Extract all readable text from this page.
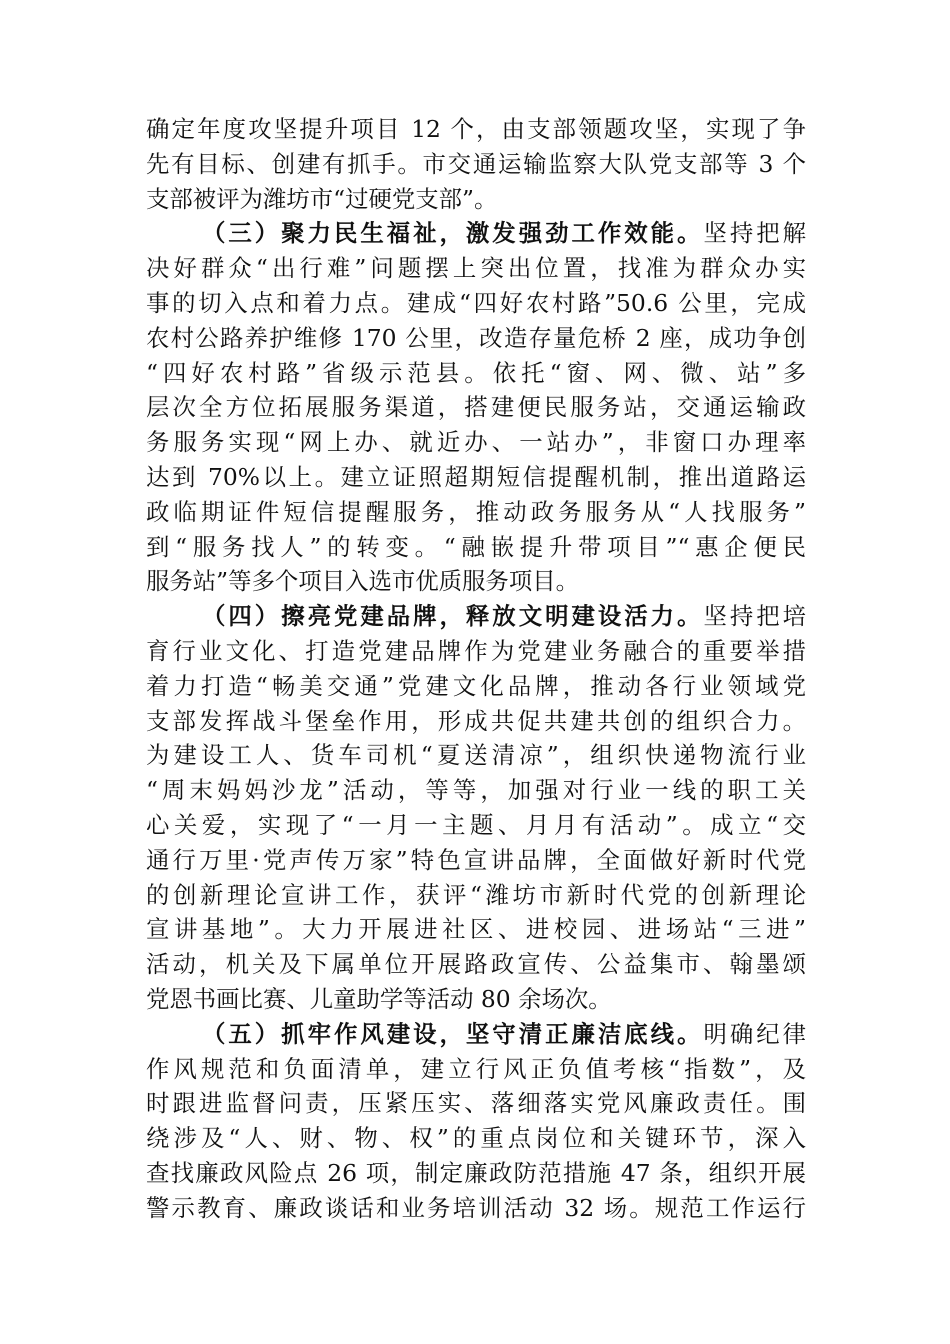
确定年度攻坚提升项目 12 个，由支部领题攻坚，实现了争
先有目标、创建有抓手。市交通运输监察大队党支部等 3 个
支部被评为潍坊市“过硬党支部”。
（三）聚力民生福祉，激发强劲工作效能。坚持把解
决好群众“出行难”问题摆上突出位置，找准为群众办实
事的切入点和着力点。建成“四好农村路”50.6 公里，完成
农村公路养护维修 170 公里，改造存量危桥 2 座，成功争创
“四好农村路”省级示范县。依托“窗、网、微、站”多
层次全方位拓展服务渠道，搭建便民服务站，交通运输政
务服务实现“网上办、就近办、一站办”，非窗口办理率
达到 70%以上。建立证照超期短信提醒机制，推出道路运
政临期证件短信提醒服务，推动政务服务从“人找服务”
到“服务找人”的转变。“融嵌提升带项目”“惠企便民
服务站”等多个项目入选市优质服务项目。
（四）擦亮党建品牌，释放文明建设活力。坚持把培
育行业文化、打造党建品牌作为党建业务融合的重要举措
着力打造“畅美交通”党建文化品牌，推动各行业领域党
支部发挥战斗堡垒作用，形成共促共建共创的组织合力。
为建设工人、货车司机“夏送清凉”，组织快递物流行业
“周末妈妈沙龙”活动，等等，加强对行业一线的职工关
心关爱，实现了“一月一主题、月月有活动”。成立“交
通行万里·党声传万家”特色宣讲品牌，全面做好新时代党
的创新理论宣讲工作，获评“潍坊市新时代党的创新理论
宣讲基地”。大力开展进社区、进校园、进场站“三进”
活动，机关及下属单位开展路政宣传、公益集市、翰墨颂
党恩书画比赛、儿童助学等活动 80 余场次。
（五）抓牢作风建设，坚守清正廉洁底线。明确纪律
作风规范和负面清单，建立行风正负值考核“指数”，及
时跟进监督问责，压紧压实、落细落实党风廉政责任。围
绕涉及“人、财、物、权”的重点岗位和关键环节，深入
查找廉政风险点 26 项，制定廉政防范措施 47 条，组织开展
警示教育、廉政谈话和业务培训活动 32 场。规范工作运行
